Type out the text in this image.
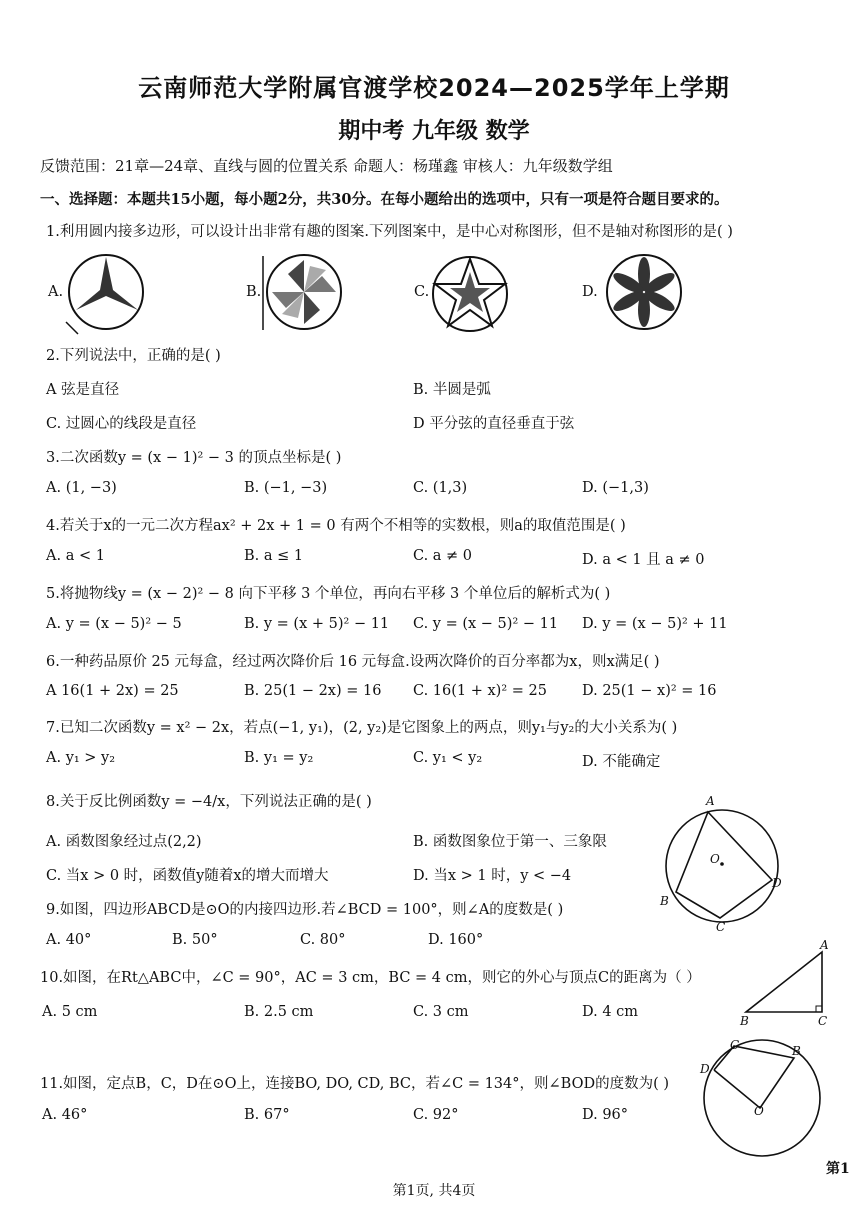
云南师范大学附属官渡学校2024—2025学年上学期
期中考 九年级 数学
反馈范围：21章—24章、直线与圆的位置关系 命题人：杨瑾鑫 审核人：九年级数学组
一、选择题：本题共15小题，每小题2分，共30分。在每小题给出的选项中，只有一项是符合题目要求的。
1.利用圆内接多边形，可以设计出非常有趣的图案.下列图案中，是中心对称图形，但不是轴对称图形的是( )
A.	B.	C.	D.
2.下列说法中，正确的是( )
A 弦是直径	B. 半圆是弧
C. 过圆心的线段是直径	D 平分弦的直径垂直于弦
3.二次函数y = (x − 1)² − 3 的顶点坐标是( )
A. (1, −3)	B. (−1, −3)	C. (1,3)	D. (−1,3)
4.若关于x的一元二次方程ax² + 2x + 1 = 0 有两个不相等的实数根，则a的取值范围是( )
A. a < 1	B. a ≤ 1	C. a ≠ 0	D. a < 1 且 a ≠ 0
5.将抛物线y = (x − 2)² − 8 向下平移 3 个单位，再向右平移 3 个单位后的解析式为( )
A. y = (x − 5)² − 5	B. y = (x + 5)² − 11 C. y = (x − 5)² − 11 D. y = (x − 5)² + 11
6.一种药品原价 25 元每盒，经过两次降价后 16 元每盒.设两次降价的百分率都为x，则x满足( )
A 16(1 + 2x) = 25	B. 25(1 − 2x) = 16 C. 16(1 + x)² = 25 D. 25(1 − x)² = 16
7.已知二次函数y = x² − 2x，若点(−1, y₁)，(2, y₂)是它图象上的两点，则y₁与y₂的大小关系为( )
A. y₁ > y₂	B. y₁ = y₂	C. y₁ < y₂	D. 不能确定
8.关于反比例函数y = −4/x，下列说法正确的是( )
A. 函数图象经过点(2,2)	B. 函数图象位于第一、三象限
C. 当x > 0 时，函数值y随着x的增大而增大	D. 当x > 1 时，y < −4
A
B
C
D
O
9.如图，四边形ABCD是⊙O的内接四边形.若∠BCD = 100°，则∠A的度数是( )
A. 40°	B. 50°	C. 80°	D. 160°	A
B	C
10.如图，在Rt△ABC中，∠C = 90°，AC = 3 cm，BC = 4 cm，则它的外心与顶点C的距离为（ ）
A. 5 cm	B. 2.5 cm	C. 3 cm	D. 4 cm
C	B
D
O
11.如图，定点B，C，D在⊙O上，连接BO, DO, CD, BC，若∠C = 134°，则∠BOD的度数为( )
A. 46°	B. 67°	C. 92°	D. 96°
第1页, 共4页
第1
